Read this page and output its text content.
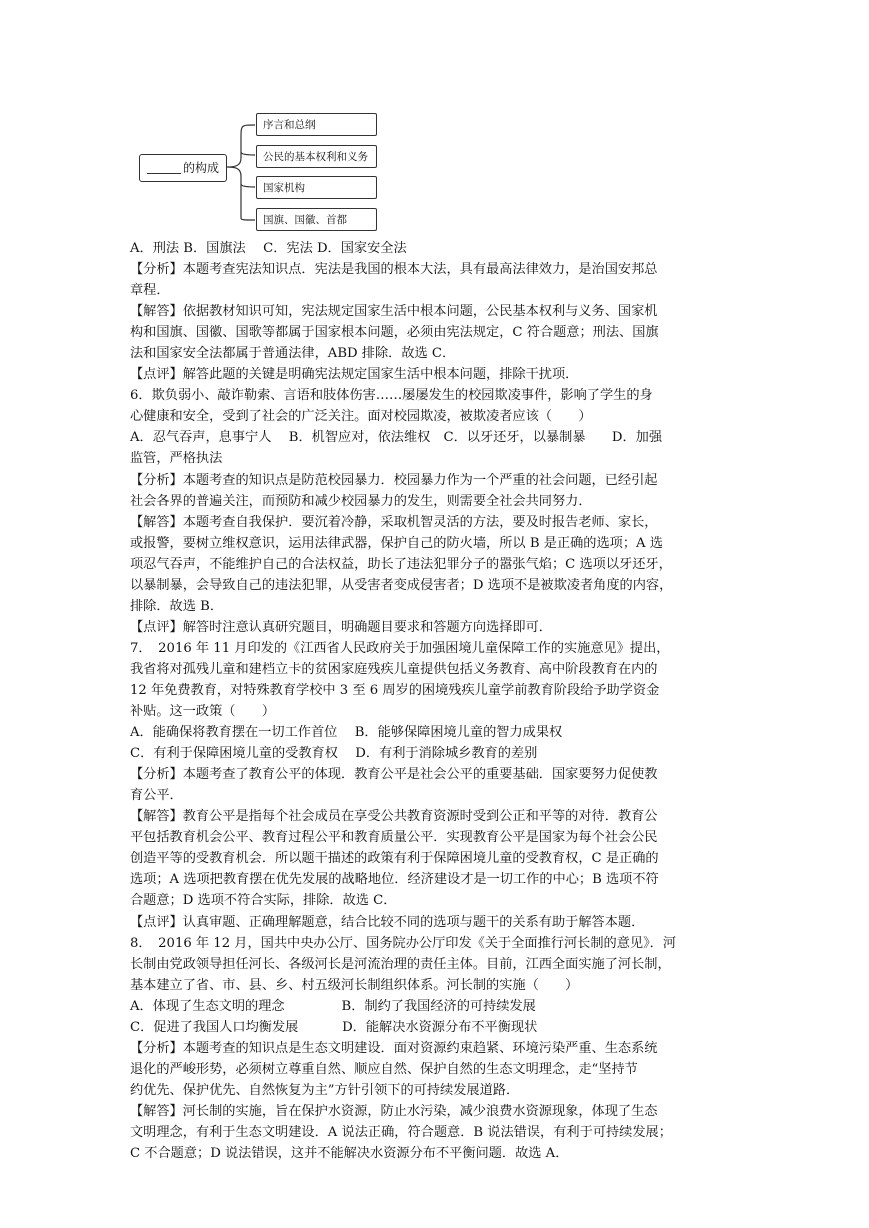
的构成
序言和总纲
公民的基本权利和义务
国家机构
国旗、国徽、首都

A．刑法 B．国旗法　 C．宪法 D．国家安全法

【分析】本题考查宪法知识点．宪法是我国的根本大法，具有最高法律效力，是治国安邦总

章程．

【解答】依据教材知识可知，宪法规定国家生活中根本问题，公民基本权利与义务、国家机

构和国旗、国徽、国歌等都属于国家根本问题，必须由宪法规定，C 符合题意；刑法、国旗

法和国家安全法都属于普通法律，ABD 排除．故选 C．

【点评】解答此题的关键是明确宪法规定国家生活中根本问题，排除干扰项．

6．欺负弱小、敲诈勒索、言语和肢体伤害……屡屡发生的校园欺凌事件，影响了学生的身

心健康和安全，受到了社会的广泛关注。面对校园欺凌，被欺凌者应该（　　）

A．忍气吞声，息事宁人　 B．机智应对，依法维权　C．以牙还牙，以暴制暴　　D．加强

监管，严格执法

【分析】本题考查的知识点是防范校园暴力．校园暴力作为一个严重的社会问题，已经引起

社会各界的普遍关注，而预防和减少校园暴力的发生，则需要全社会共同努力．

【解答】本题考查自我保护．要沉着冷静，采取机智灵活的方法，要及时报告老师、家长，

或报警，要树立维权意识，运用法律武器，保护自己的防火墙，所以 B 是正确的选项；A 选

项忍气吞声，不能维护自己的合法权益，助长了违法犯罪分子的嚣张气焰；C 选项以牙还牙，

以暴制暴，会导致自己的违法犯罪，从受害者变成侵害者；D 选项不是被欺凌者角度的内容，

排除．故选 B．

【点评】解答时注意认真研究题目，明确题目要求和答题方向选择即可．

7．　2016 年 11 月印发的《江西省人民政府关于加强困境儿童保障工作的实施意见》提出，

我省将对孤残儿童和建档立卡的贫困家庭残疾儿童提供包括义务教育、高中阶段教育在内的

12 年免费教育，对特殊教育学校中 3 至 6 周岁的困境残疾儿童学前教育阶段给予助学资金

补贴。这一政策（　　）

A．能确保将教育摆在一切工作首位　 B．能够保障困境儿童的智力成果权

C．有利于保障困境儿童的受教育权　 D．有利于消除城乡教育的差别

【分析】本题考查了教育公平的体现．教育公平是社会公平的重要基础．国家要努力促使教

育公平．

【解答】教育公平是指每个社会成员在享受公共教育资源时受到公正和平等的对待．教育公

平包括教育机会公平、教育过程公平和教育质量公平．实现教育公平是国家为每个社会公民

创造平等的受教育机会．所以题干描述的政策有利于保障困境儿童的受教育权，C 是正确的

选项；A 选项把教育摆在优先发展的战略地位．经济建设才是一切工作的中心；B 选项不符

合题意；D 选项不符合实际，排除．故选 C．

【点评】认真审题、正确理解题意，结合比较不同的选项与题干的关系有助于解答本题．

8．　2016 年 12 月，国共中央办公厅、国务院办公厅印发《关于全面推行河长制的意见》．河

长制由党政领导担任河长、各级河长是河流治理的责任主体。目前，江西全面实施了河长制，

基本建立了省、市、县、乡、村五级河长制组织体系。河长制的实施（　　）

A．体现了生态文明的理念　　　　 B．制约了我国经济的可持续发展

C．促进了我国人口均衡发展　　　 D．能解决水资源分布不平衡现状

【分析】本题考查的知识点是生态文明建设．面对资源约束趋紧、环境污染严重、生态系统

退化的严峻形势，必须树立尊重自然、顺应自然、保护自然的生态文明理念，走“坚持节

约优先、保护优先、自然恢复为主”方针引领下的可持续发展道路．

【解答】河长制的实施，旨在保护水资源，防止水污染，减少浪费水资源现象，体现了生态

文明理念，有利于生态文明建设．A 说法正确，符合题意．B 说法错误，有利于可持续发展；

C 不合题意；D 说法错误，这并不能解决水资源分布不平衡问题．故选 A．
